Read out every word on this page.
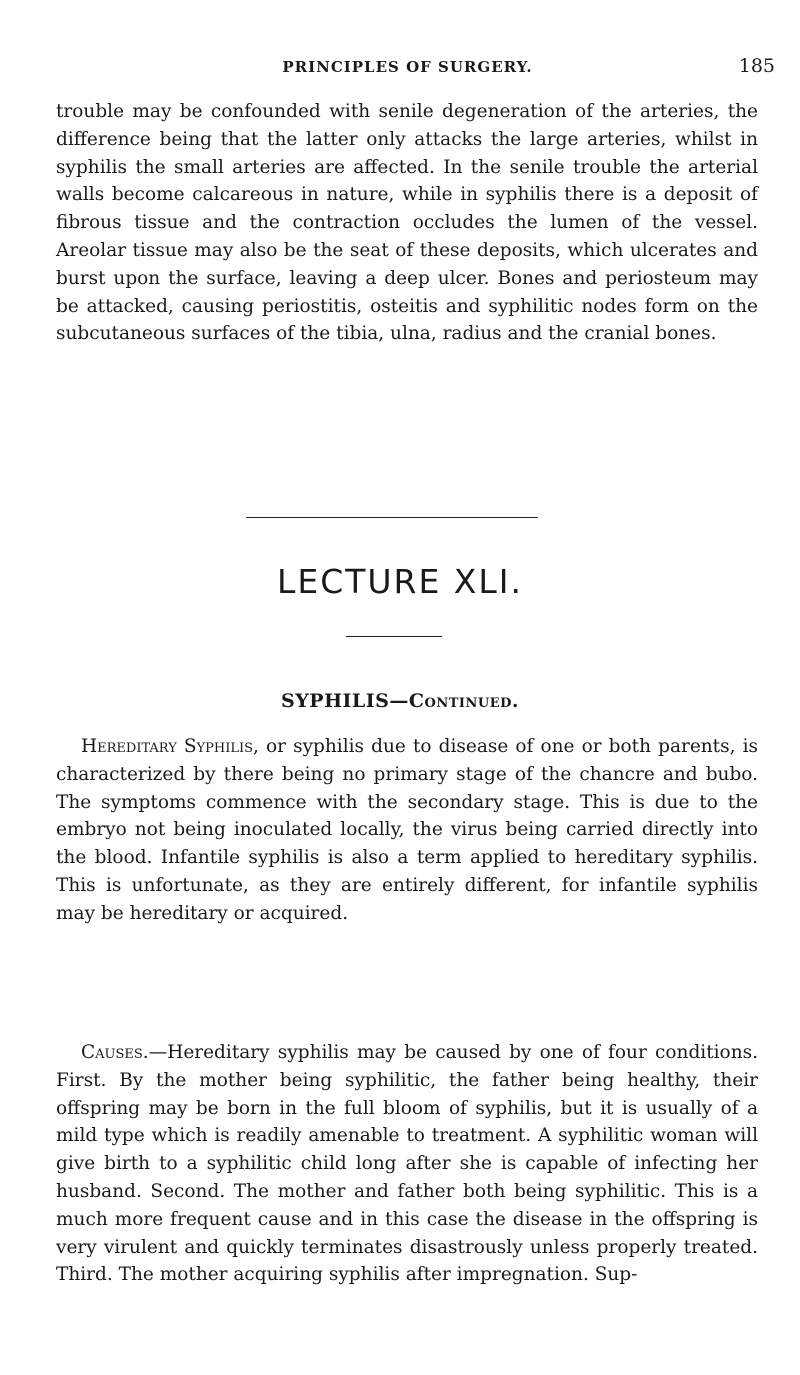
PRINCIPLES OF SURGERY.	185

trouble may be confounded with senile degeneration of the arteries, the difference being that the latter only attacks the large arteries, whilst in syphilis the small arteries are affected. In the senile trouble the arterial walls become calcareous in nature, while in syphilis there is a deposit of fibrous tissue and the contraction occludes the lumen of the vessel. Areolar tissue may also be the seat of these deposits, which ulcerates and burst upon the surface, leaving a deep ulcer. Bones and periosteum may be attacked, causing periostitis, osteitis and syphilitic nodes form on the subcutaneous surfaces of the tibia, ulna, radius and the cranial bones.

LECTURE XLI.
SYPHILIS—Continued.

Hereditary Syphilis, or syphilis due to disease of one or both parents, is characterized by there being no primary stage of the chancre and bubo. The symptoms commence with the secondary stage. This is due to the embryo not being inoculated locally, the virus being carried directly into the blood. Infantile syphilis is also a term applied to hereditary syphilis. This is unfortunate, as they are entirely different, for infantile syphilis may be hereditary or acquired.

Causes.—Hereditary syphilis may be caused by one of four conditions. First. By the mother being syphilitic, the father being healthy, their offspring may be born in the full bloom of syphilis, but it is usually of a mild type which is readily amenable to treatment. A syphilitic woman will give birth to a syphilitic child long after she is capable of infecting her husband. Second. The mother and father both being syphilitic. This is a much more frequent cause and in this case the disease in the offspring is very virulent and quickly terminates disastrously unless properly treated. Third. The mother acquiring syphilis after impregnation. Sup-
